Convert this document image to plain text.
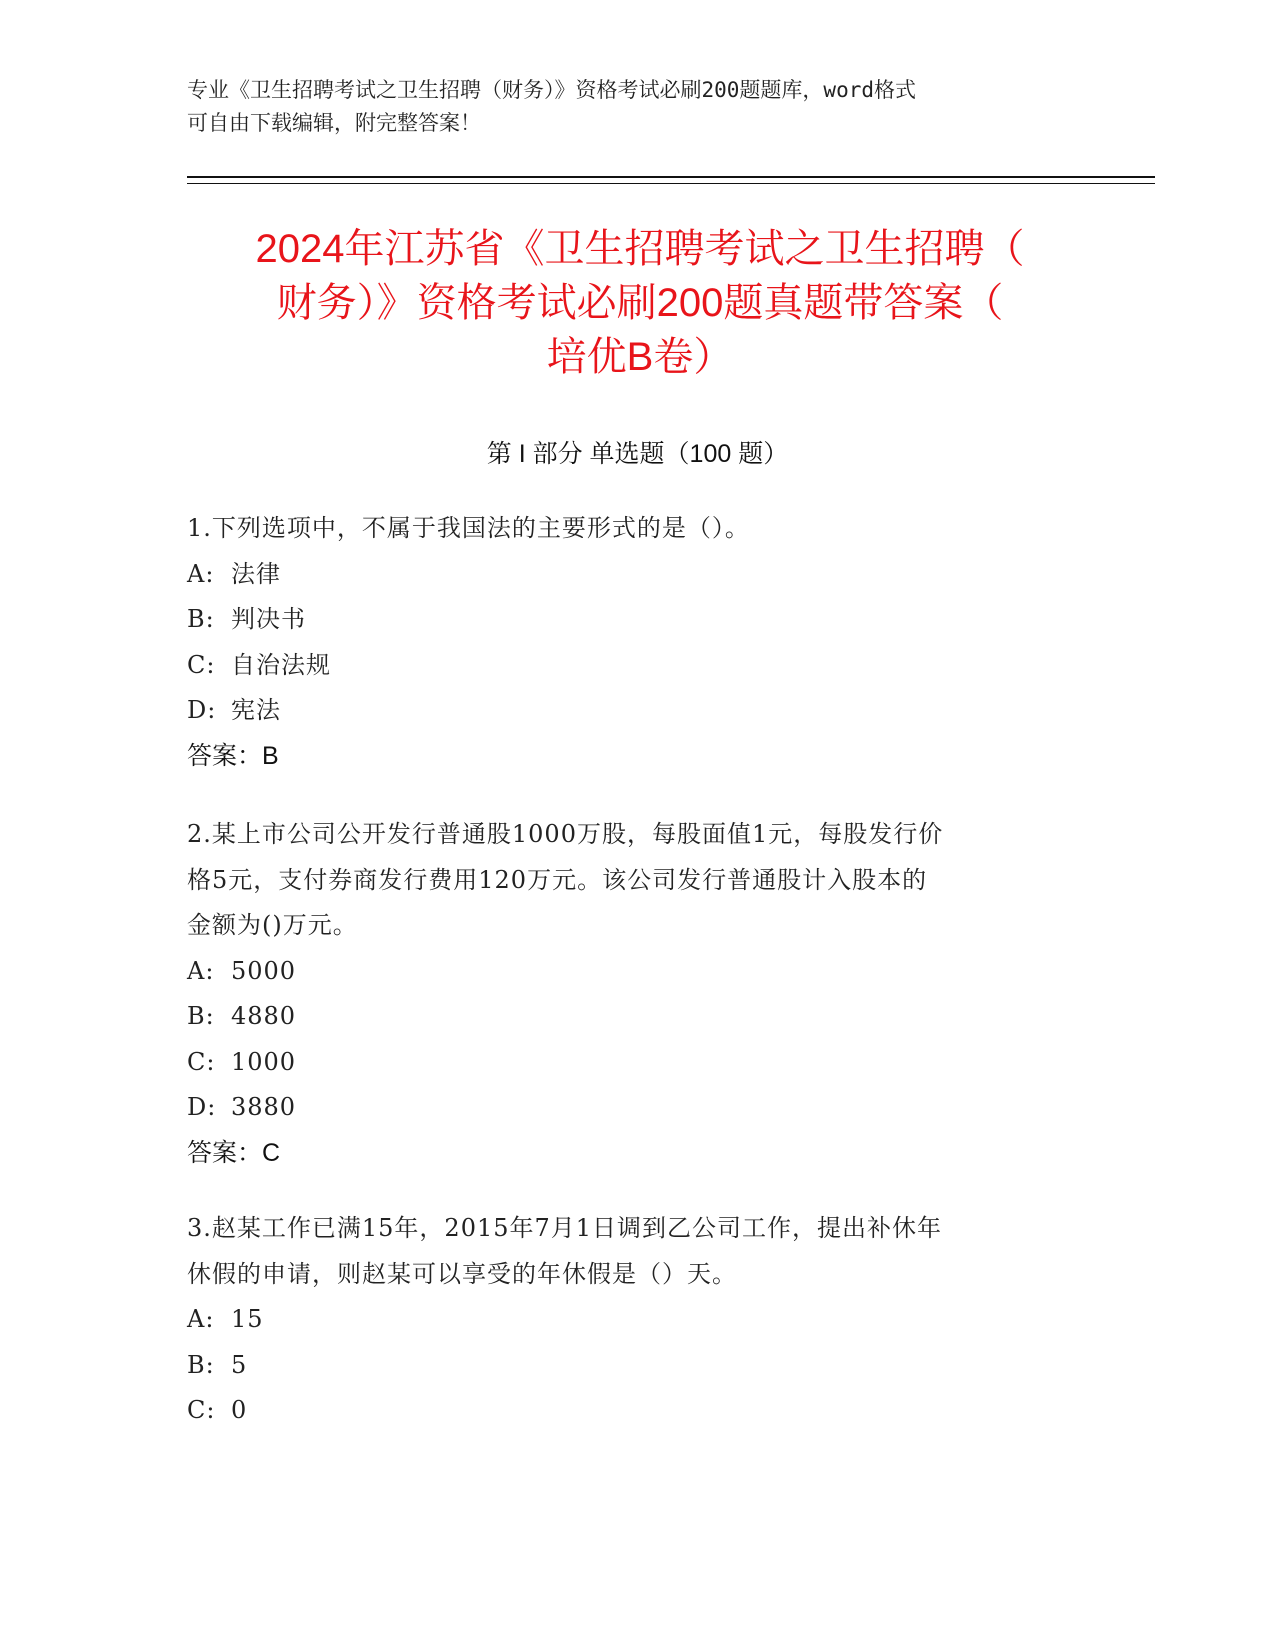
专业《卫生招聘考试之卫生招聘（财务）》资格考试必刷200题题库，word格式
可自由下载编辑，附完整答案！
2024年江苏省《卫生招聘考试之卫生招聘（
财务）》资格考试必刷200题真题带答案（
培优B卷）
第 I 部分 单选题（100 题）
1.下列选项中，不属于我国法的主要形式的是（）。
A: 法律
B: 判决书
C: 自治法规
D: 宪法
答案：B
2.某上市公司公开发行普通股1000万股，每股面值1元，每股发行价
格5元，支付券商发行费用120万元。该公司发行普通股计入股本的
金额为()万元。
A: 5000
B: 4880
C: 1000
D: 3880
答案：C
3.赵某工作已满15年，2015年7月1日调到乙公司工作，提出补休年
休假的申请，则赵某可以享受的年休假是（）天。
A: 15
B: 5
C: 0
